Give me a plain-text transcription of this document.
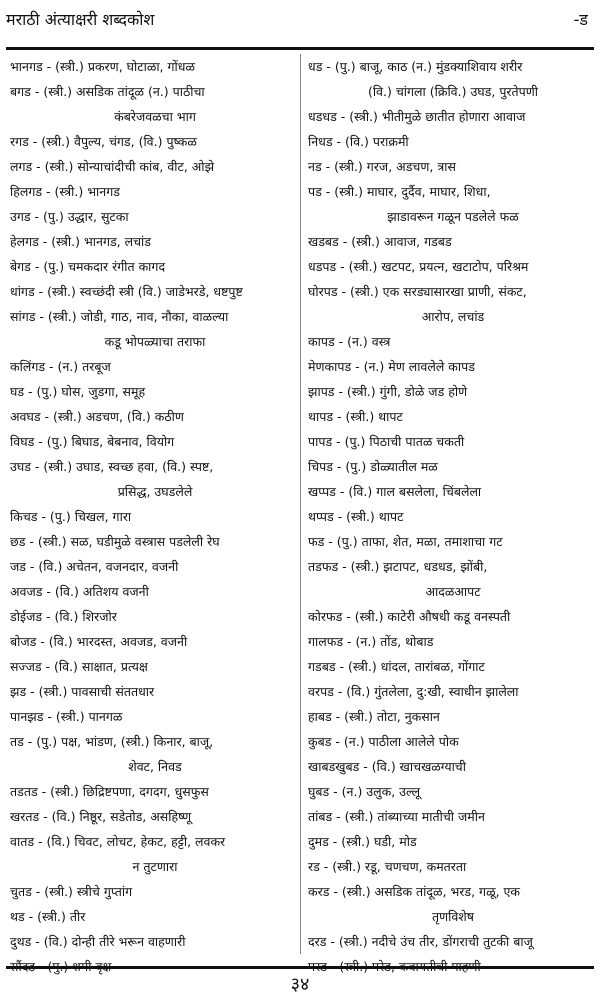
मराठी अंत्याक्षरी शब्दकोश	-ड

भानगड - (स्त्री.) प्रकरण, घोटाळा, गोंधळ

बगड - (स्त्री.) असडिक तांदूळ (न.) पाठीचा
कंबरेजवळचा भाग

रगड - (स्त्री.) वैपुल्य, चंगड, (वि.) पुष्कळ

लगड - (स्त्री.) सोन्याचांदीची कांब, वीट, ओझे

हिलगड - (स्त्री.) भानगड

उगड - (पु.) उद्धार, सुटका

हेलगड - (स्त्री.) भानगड, लचांड

बेगड - (पु.) चमकदार रंगीत कागद

धांगड - (स्त्री.) स्वच्छंदी स्त्री (वि.) जाडेभरडे, धष्टपुष्ट

सांगड - (स्त्री.) जोडी, गाठ, नाव, नौका, वाळल्या
कडू भोपळ्याचा तराफा

कलिंगड - (न.) तरबूज

घड - (पु.) घोस, जुडगा, समूह

अवघड - (स्त्री.) अडचण, (वि.) कठीण

विघड - (पु.) बिघाड, बेबनाव, वियोग

उघड - (स्त्री.) उघाड, स्वच्छ हवा, (वि.) स्पष्ट,
प्रसिद्ध, उघडलेले

किचड - (पु.) चिखल, गारा

छड - (स्त्री.) सळ, घडीमुळे वस्त्रास पडलेली रेघ

जड - (वि.) अचेतन, वजनदार, वजनी

अवजड - (वि.) अतिशय वजनी

डोईजड - (वि.) शिरजोर

बोजड - (वि.) भारदस्त, अवजड, वजनी

सज्जड - (वि.) साक्षात, प्रत्यक्ष

झड - (स्त्री.) पावसाची संततधार

पानझड - (स्त्री.) पानगळ

तड - (पु.) पक्ष, भांडण, (स्त्री.) किनार, बाजू,
शेवट, निवड

तडतड - (स्त्री.) छिद्रिष्टपणा, दगदग, धुसफुस

खरतड - (वि.) निष्ठूर, सडेतोड, असहिष्णू

वातड - (वि.) चिवट, लोचट, हेकट, हट्टी, लवकर
न तुटणारा

चुतड - (स्त्री.) स्त्रीचे गुप्तांग

थड - (स्त्री.) तीर

दुथड - (वि.) दोन्ही तीरे भरून वाहणारी

सौंदड - (पु.) शमी वृक्ष

धड - (पु.) बाजू, काठ (न.) मुंडक्याशिवाय शरीर
(वि.) चांगला (क्रिवि.) उघड, पुरतेपणी

धडधड - (स्त्री.) भीतीमुळे छातीत होणारा आवाज

निधड - (वि.) पराक्रमी

नड - (स्त्री.) गरज, अडचण, त्रास

पड - (स्त्री.) माघार, दुर्दैव, माघार, शिधा,
झाडावरून गळून पडलेले फळ

खडबड - (स्त्री.) आवाज, गडबड

धडपड - (स्त्री.) खटपट, प्रयत्न, खटाटोप, परिश्रम

घोरपड - (स्त्री.) एक सरड्यासारखा प्राणी, संकट,
आरोप, लचांड

कापड - (न.) वस्त्र

मेणकापड - (न.) मेण लावलेले कापड

झापड - (स्त्री.) गुंगी, डोळे जड होणे

थापड - (स्त्री.) थापट

पापड - (पु.) पिठाची पातळ चकती

चिपड - (पु.) डोळ्यातील मळ

खप्पड - (वि.) गाल बसलेला, चिंबलेला

थप्पड - (स्त्री.) थापट

फड - (पु.) ताफा, शेत, मळा, तमाशाचा गट

तडफड - (स्त्री.) झटापट, धडधड, झोंबी,
आदळआपट

कोरफड - (स्त्री.) काटेरी औषधी कडू वनस्पती

गालफड - (न.) तोंड, थोबाड

गडबड - (स्त्री.) धांदल, तारांबळ, गोंगाट

वरपड - (वि.) गुंतलेला, दु:खी, स्वाधीन झालेला

हाबड - (स्त्री.) तोटा, नुकसान

कुबड - (न.) पाठीला आलेले पोक

खाबडखुबड - (वि.) खाचखळग्याची

घुबड - (न.) उलुक, उल्लू

तांबड - (स्त्री.) तांब्याच्या मातीची जमीन

दुमड - (स्त्री.) घडी, मोड

रड - (स्त्री.) रडू, चणचण, कमतरता

करड - (स्त्री.) असडिक तांदूळ, भरड, गळू, एक
तृणविशेष

दरड - (स्त्री.) नदीचे उंच तीर, डोंगराची तुटकी बाजू

परड - (स्त्री.) परेड, कवायतीची पाहणी

३४
